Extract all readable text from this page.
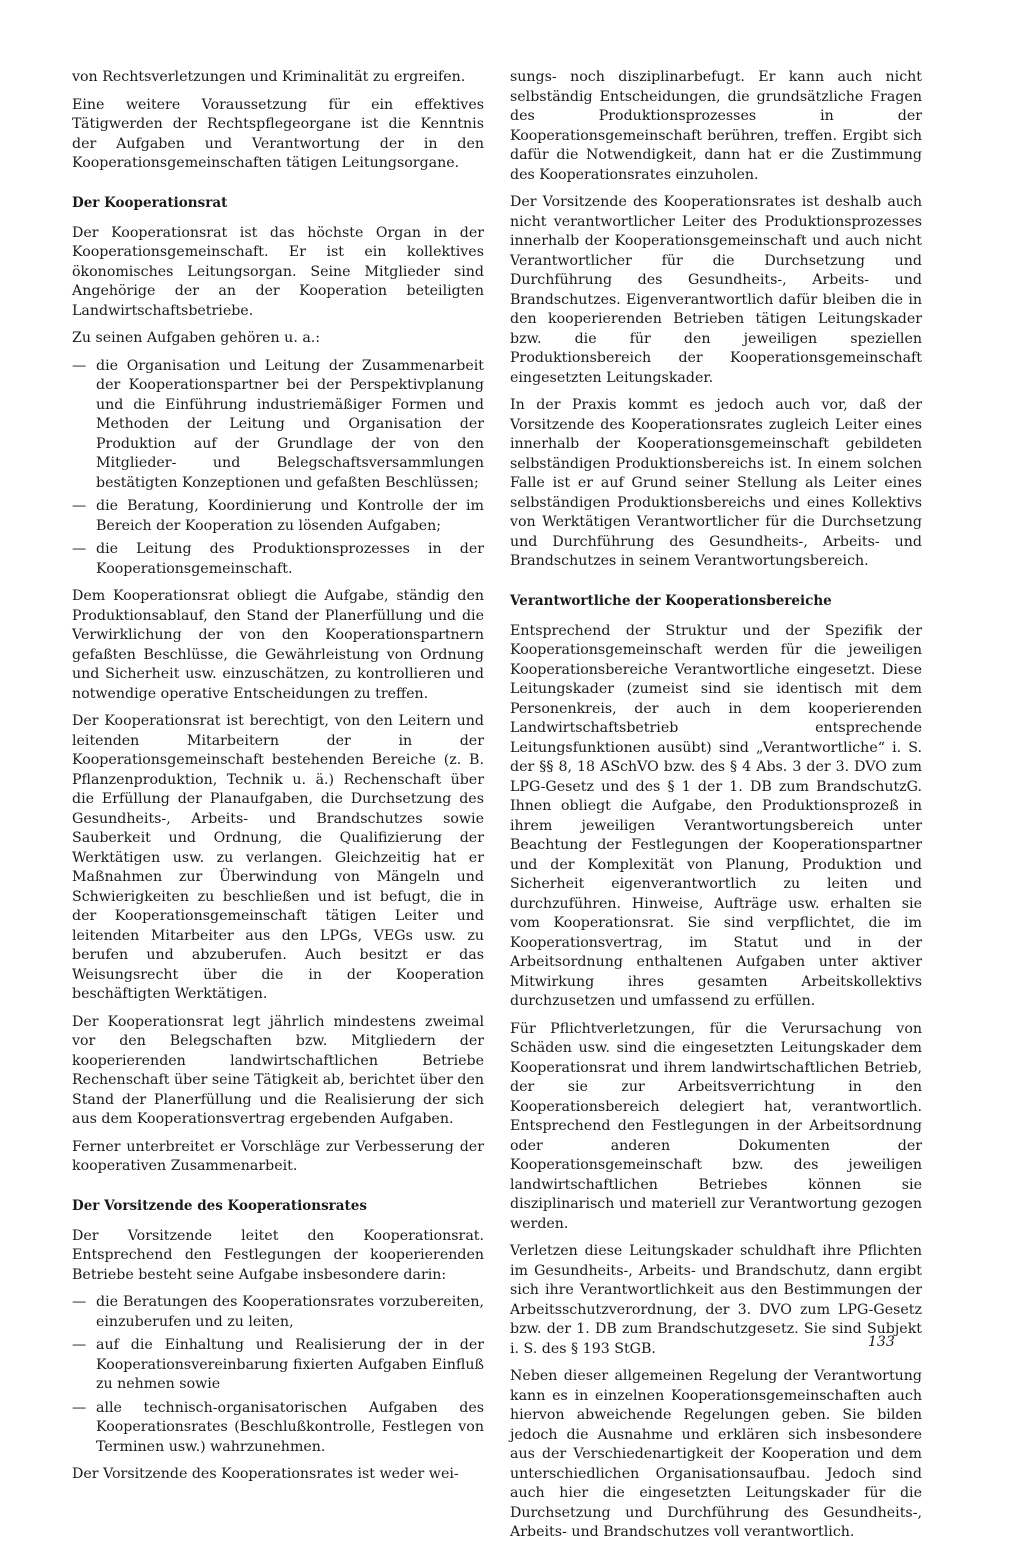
von Rechtsverletzungen und Kriminalität zu ergreifen.

Eine weitere Voraussetzung für ein effektives Tätigwerden der Rechtspflegeorgane ist die Kenntnis der Aufgaben und Verantwortung der in den Kooperationsgemeinschaften tätigen Leitungsorgane.

Der Kooperationsrat

Der Kooperationsrat ist das höchste Organ in der Kooperationsgemeinschaft. Er ist ein kollektives ökonomisches Leitungsorgan. Seine Mitglieder sind Angehörige der an der Kooperation beteiligten Landwirtschaftsbetriebe.

Zu seinen Aufgaben gehören u. a.:

— die Organisation und Leitung der Zusammenarbeit der Kooperationspartner bei der Perspektivplanung und die Einführung industriemäßiger Formen und Methoden der Leitung und Organisation der Produktion auf der Grundlage der von den Mitglieder- und Belegschaftsversammlungen bestätigten Konzeptionen und gefaßten Beschlüssen;
— die Beratung, Koordinierung und Kontrolle der im Bereich der Kooperation zu lösenden Aufgaben;
— die Leitung des Produktionsprozesses in der Kooperationsgemeinschaft.

Dem Kooperationsrat obliegt die Aufgabe, ständig den Produktionsablauf, den Stand der Planerfüllung und die Verwirklichung der von den Kooperationspartnern gefaßten Beschlüsse, die Gewährleistung von Ordnung und Sicherheit usw. einzuschätzen, zu kontrollieren und notwendige operative Entscheidungen zu treffen.

Der Kooperationsrat ist berechtigt, von den Leitern und leitenden Mitarbeitern der in der Kooperationsgemeinschaft bestehenden Bereiche (z. B. Pflanzenproduktion, Technik u. ä.) Rechenschaft über die Erfüllung der Planaufgaben, die Durchsetzung des Gesundheits-, Arbeits- und Brandschutzes sowie Sauberkeit und Ordnung, die Qualifizierung der Werktätigen usw. zu verlangen. Gleichzeitig hat er Maßnahmen zur Überwindung von Mängeln und Schwierigkeiten zu beschließen und ist befugt, die in der Kooperationsgemeinschaft tätigen Leiter und leitenden Mitarbeiter aus den LPGs, VEGs usw. zu berufen und abzuberufen. Auch besitzt er das Weisungsrecht über die in der Kooperation beschäftigten Werktätigen.

Der Kooperationsrat legt jährlich mindestens zweimal vor den Belegschaften bzw. Mitgliedern der kooperierenden landwirtschaftlichen Betriebe Rechenschaft über seine Tätigkeit ab, berichtet über den Stand der Planerfüllung und die Realisierung der sich aus dem Kooperationsvertrag ergebenden Aufgaben.

Ferner unterbreitet er Vorschläge zur Verbesserung der kooperativen Zusammenarbeit.

Der Vorsitzende des Kooperationsrates

Der Vorsitzende leitet den Kooperationsrat. Entsprechend den Festlegungen der kooperierenden Betriebe besteht seine Aufgabe insbesondere darin:

— die Beratungen des Kooperationsrates vorzubereiten, einzuberufen und zu leiten,
— auf die Einhaltung und Realisierung der in der Kooperationsvereinbarung fixierten Aufgaben Einfluß zu nehmen sowie
— alle technisch-organisatorischen Aufgaben des Kooperationsrates (Beschlußkontrolle, Festlegen von Terminen usw.) wahrzunehmen.

Der Vorsitzende des Kooperationsrates ist weder wei-

sungs- noch disziplinarbefugt. Er kann auch nicht selbständig Entscheidungen, die grundsätzliche Fragen des Produktionsprozesses in der Kooperationsgemeinschaft berühren, treffen. Ergibt sich dafür die Notwendigkeit, dann hat er die Zustimmung des Kooperationsrates einzuholen.

Der Vorsitzende des Kooperationsrates ist deshalb auch nicht verantwortlicher Leiter des Produktionsprozesses innerhalb der Kooperationsgemeinschaft und auch nicht Verantwortlicher für die Durchsetzung und Durchführung des Gesundheits-, Arbeits- und Brandschutzes. Eigenverantwortlich dafür bleiben die in den kooperierenden Betrieben tätigen Leitungskader bzw. die für den jeweiligen speziellen Produktionsbereich der Kooperationsgemeinschaft eingesetzten Leitungskader.

In der Praxis kommt es jedoch auch vor, daß der Vorsitzende des Kooperationsrates zugleich Leiter eines innerhalb der Kooperationsgemeinschaft gebildeten selbständigen Produktionsbereichs ist. In einem solchen Falle ist er auf Grund seiner Stellung als Leiter eines selbständigen Produktionsbereichs und eines Kollektivs von Werktätigen Verantwortlicher für die Durchsetzung und Durchführung des Gesundheits-, Arbeits- und Brandschutzes in seinem Verantwortungsbereich.

Verantwortliche der Kooperationsbereiche

Entsprechend der Struktur und der Spezifik der Kooperationsgemeinschaft werden für die jeweiligen Kooperationsbereiche Verantwortliche eingesetzt. Diese Leitungskader (zumeist sind sie identisch mit dem Personenkreis, der auch in dem kooperierenden Landwirtschaftsbetrieb entsprechende Leitungsfunktionen ausübt) sind „Verantwortliche“ i. S. der §§ 8, 18 ASchVO bzw. des § 4 Abs. 3 der 3. DVO zum LPG-Gesetz und des § 1 der 1. DB zum BrandschutzG. Ihnen obliegt die Aufgabe, den Produktionsprozeß in ihrem jeweiligen Verantwortungsbereich unter Beachtung der Festlegungen der Kooperationspartner und der Komplexität von Planung, Produktion und Sicherheit eigenverantwortlich zu leiten und durchzuführen. Hinweise, Aufträge usw. erhalten sie vom Kooperationsrat. Sie sind verpflichtet, die im Kooperationsvertrag, im Statut und in der Arbeitsordnung enthaltenen Aufgaben unter aktiver Mitwirkung ihres gesamten Arbeitskollektivs durchzusetzen und umfassend zu erfüllen.

Für Pflichtverletzungen, für die Verursachung von Schäden usw. sind die eingesetzten Leitungskader dem Kooperationsrat und ihrem landwirtschaftlichen Betrieb, der sie zur Arbeitsverrichtung in den Kooperationsbereich delegiert hat, verantwortlich. Entsprechend den Festlegungen in der Arbeitsordnung oder anderen Dokumenten der Kooperationsgemeinschaft bzw. des jeweiligen landwirtschaftlichen Betriebes können sie disziplinarisch und materiell zur Verantwortung gezogen werden.

Verletzen diese Leitungskader schuldhaft ihre Pflichten im Gesundheits-, Arbeits- und Brandschutz, dann ergibt sich ihre Verantwortlichkeit aus den Bestimmungen der Arbeitsschutzverordnung, der 3. DVO zum LPG-Gesetz bzw. der 1. DB zum Brandschutzgesetz. Sie sind Subjekt i. S. des § 193 StGB.

Neben dieser allgemeinen Regelung der Verantwortung kann es in einzelnen Kooperationsgemeinschaften auch hiervon abweichende Regelungen geben. Sie bilden jedoch die Ausnahme und erklären sich insbesondere aus der Verschiedenartigkeit der Kooperation und dem unterschiedlichen Organisationsaufbau. Jedoch sind auch hier die eingesetzten Leitungskader für die Durchsetzung und Durchführung des Gesundheits-, Arbeits- und Brandschutzes voll verantwortlich.

133
